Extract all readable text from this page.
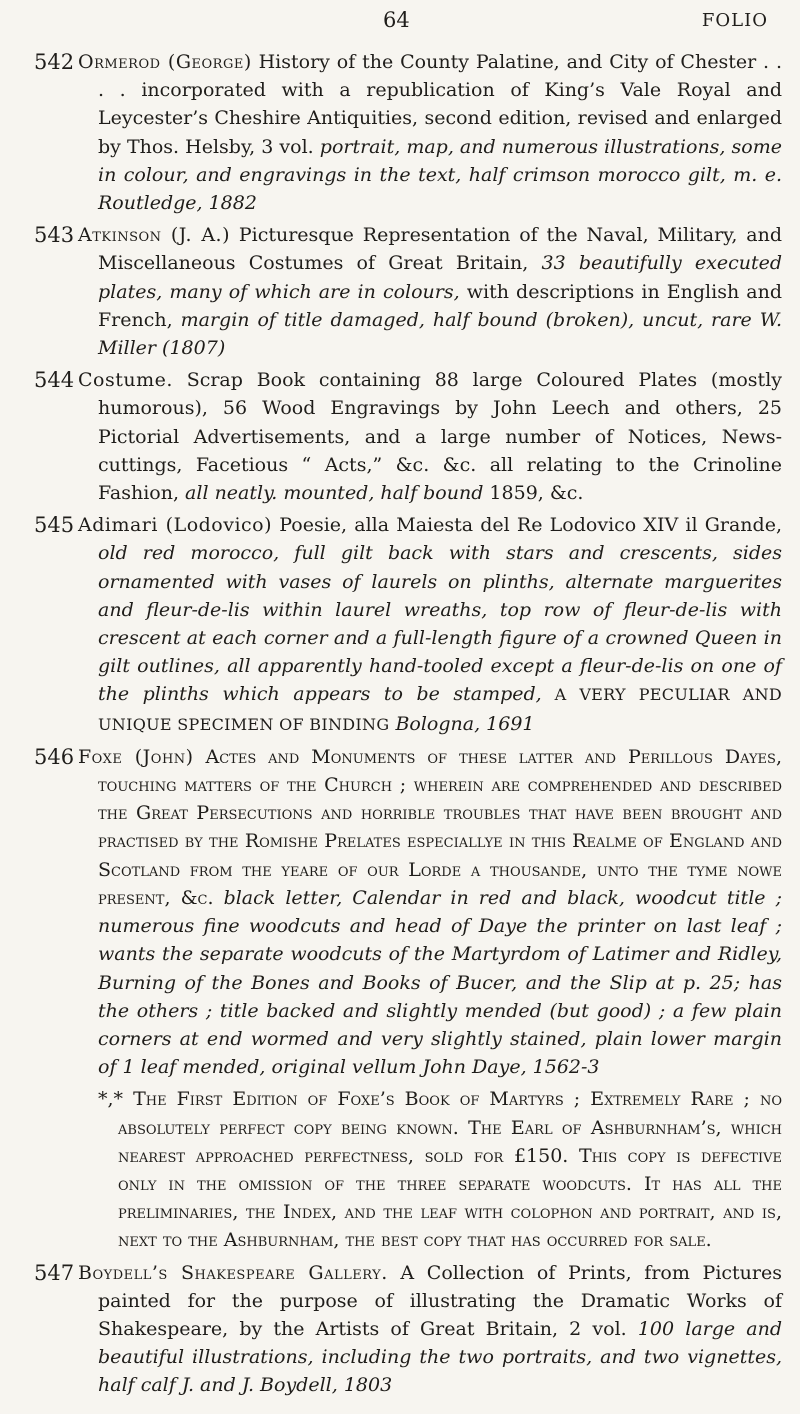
64	FOLIO
542 Ormerod (George) History of the County Palatine, and City of Chester . . . . incorporated with a republication of King’s Vale Royal and Leycester’s Cheshire Antiquities, second edition, revised and enlarged by Thos. Helsby, 3 vol. portrait, map, and numerous illustrations, some in colour, and engravings in the text, half crimson morocco gilt, m. e. Routledge, 1882
543 Atkinson (J. A.) Picturesque Representation of the Naval, Military, and Miscellaneous Costumes of Great Britain, 33 beautifully executed plates, many of which are in colours, with descriptions in English and French, margin of title damaged, half bound (broken), uncut, rare W. Miller (1807)
544 Costume. Scrap Book containing 88 large Coloured Plates (mostly humorous), 56 Wood Engravings by John Leech and others, 25 Pictorial Advertisements, and a large number of Notices, News-cuttings, Facetious “ Acts,” &c. &c. all relating to the Crinoline Fashion, all neatly. mounted, half bound 1859, &c.
545 Adimari (Lodovico) Poesie, alla Maiesta del Re Lodovico XIV il Grande, old red morocco, full gilt back with stars and crescents, sides ornamented with vases of laurels on plinths, alternate marguerites and fleur-de-lis within laurel wreaths, top row of fleur-de-lis with crescent at each corner and a full-length figure of a crowned Queen in gilt outlines, all apparently hand-tooled except a fleur-de-lis on one of the plinths which appears to be stamped, A VERY PECULIAR AND UNIQUE SPECIMEN OF BINDING Bologna, 1691
546 Foxe (John) Actes and Monuments of these latter and Perillous Dayes, touching matters of the Church ; wherein are comprehended and described the Great Persecutions and horrible troubles that have been brought and practised by the Romishe Prelates especiallye in this Realme of England and Scotland from the yeare of our Lorde a thousande, unto the tyme nowe present, &c. black letter, Calendar in red and black, woodcut title ; numerous fine woodcuts and head of Daye the printer on last leaf ; wants the separate woodcuts of the Martyrdom of Latimer and Ridley, Burning of the Bones and Books of Bucer, and the Slip at p. 25; has the others ; title backed and slightly mended (but good) ; a few plain corners at end wormed and very slightly stained, plain lower margin of 1 leaf mended, original vellum John Daye, 1562-3
*,* The First Edition of Foxe’s Book of Martyrs ; Extremely Rare ; no absolutely perfect copy being known. The Earl of Ashburnham’s, which nearest approached perfectness, sold for £150. This copy is defective only in the omission of the three separate woodcuts. It has all the preliminaries, the Index, and the leaf with colophon and portrait, and is, next to the Ashburnham, the best copy that has occurred for sale.
547 Boydell’s Shakespeare Gallery. A Collection of Prints, from Pictures painted for the purpose of illustrating the Dramatic Works of Shakespeare, by the Artists of Great Britain, 2 vol. 100 large and beautiful illustrations, including the two portraits, and two vignettes, half calf J. and J. Boydell, 1803
